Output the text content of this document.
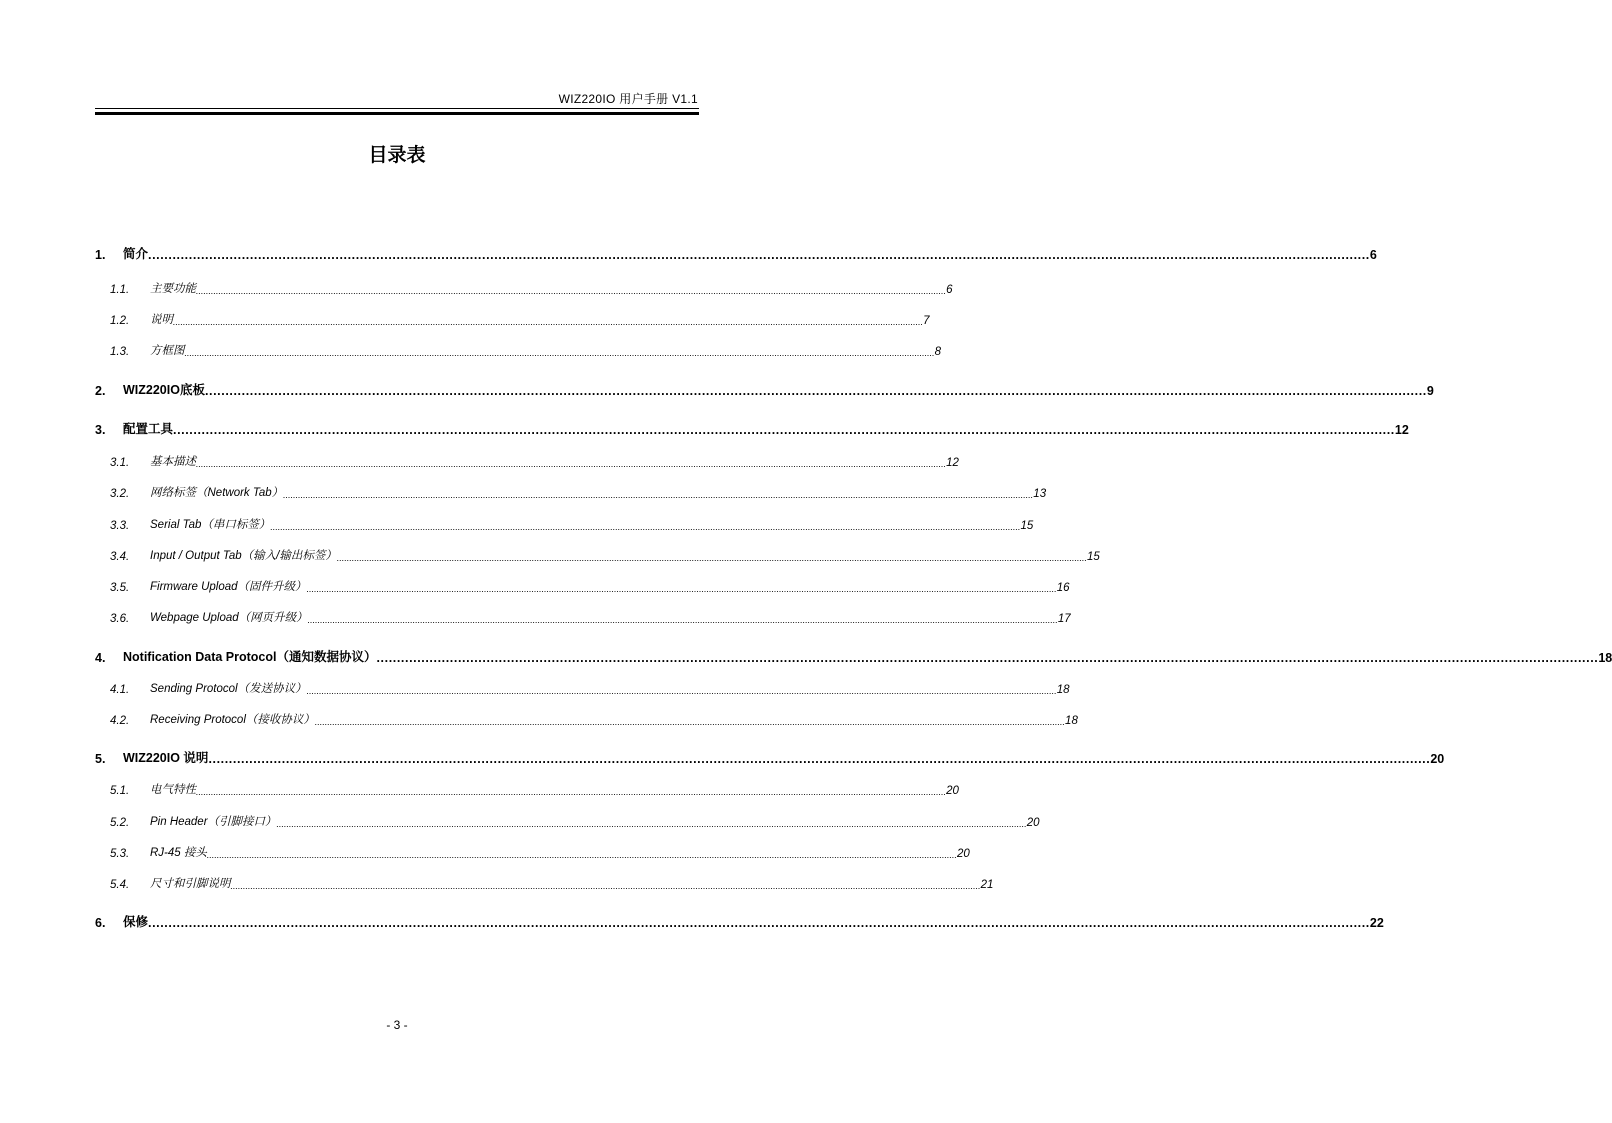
WIZ220IO 用户手册 V1.1
目录表
1.	简介 ............................................................................................................................................................................................................................................................................................................ 6
1.1.	主要功能 ............................................................................................................................................................................................................................................................................................................ 6
1.2.	说明 ............................................................................................................................................................................................................................................................................................................ 7
1.3.	方框图 ............................................................................................................................................................................................................................................................................................................ 8
2.	WIZ220IO底板 ............................................................................................................................................................................................................................................................................................................ 9
3.	配置工具 ............................................................................................................................................................................................................................................................................................................ 12
3.1.	基本描述 ............................................................................................................................................................................................................................................................................................................ 12
3.2.	网络标签（Network Tab） ............................................................................................................................................................................................................................................................................................................ 13
3.3.	Serial Tab（串口标签） ............................................................................................................................................................................................................................................................................................................ 15
3.4.	Input / Output Tab（输入/输出标签） ............................................................................................................................................................................................................................................................................................................ 15
3.5.	Firmware Upload（固件升级） ............................................................................................................................................................................................................................................................................................................ 16
3.6.	Webpage Upload（网页升级） ............................................................................................................................................................................................................................................................................................................ 17
4.	Notification Data Protocol（通知数据协议） ............................................................................................................................................................................................................................................................................................................ 18
4.1.	Sending Protocol（发送协议） ............................................................................................................................................................................................................................................................................................................ 18
4.2.	Receiving Protocol（接收协议） ............................................................................................................................................................................................................................................................................................................ 18
5.	WIZ220IO 说明 ............................................................................................................................................................................................................................................................................................................ 20
5.1.	电气特性 ............................................................................................................................................................................................................................................................................................................ 20
5.2.	Pin Header（引脚接口） ............................................................................................................................................................................................................................................................................................................ 20
5.3.	RJ-45 接头 ............................................................................................................................................................................................................................................................................................................ 20
5.4.	尺寸和引脚说明 ............................................................................................................................................................................................................................................................................................................ 21
6.	保修 ............................................................................................................................................................................................................................................................................................................ 22
- 3 -
